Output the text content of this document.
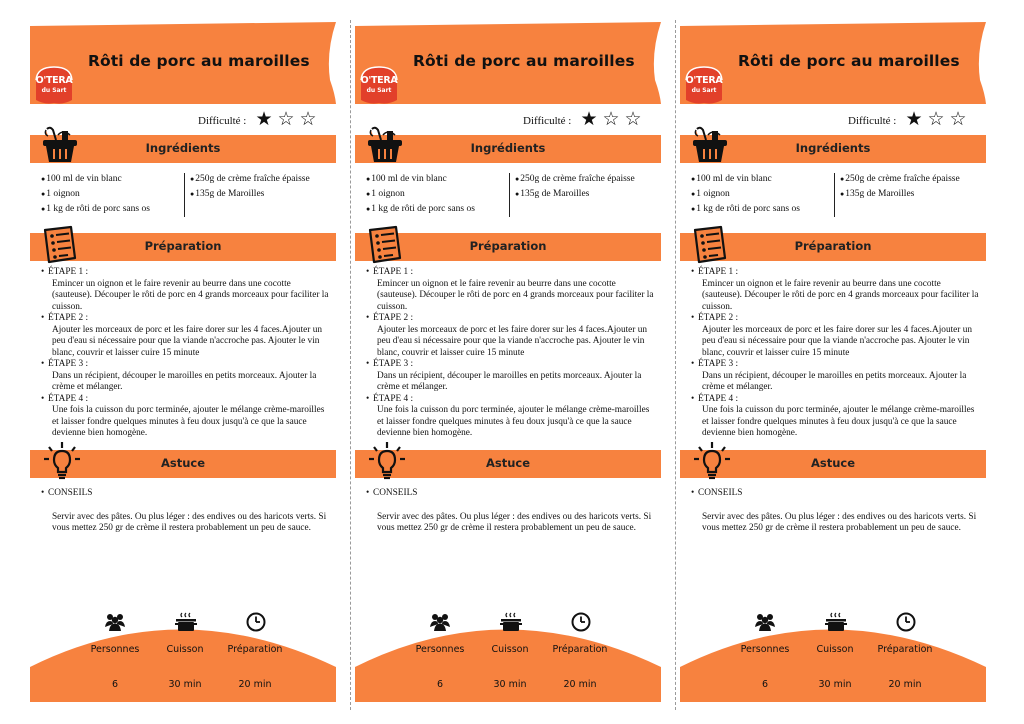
Rôti de porc au maroilles
O'TERA
du Sart
Difficulté : ★ ☆ ☆
Ingrédients
●100 ml de vin blanc
●1 oignon
●1 kg de rôti de porc sans os
●250g de crème fraîche épaisse
●135g de Maroilles
Préparation
• ÉTAPE 1 :
Emincer un oignon et le faire revenir au beurre dans une cocotte (sauteuse). Découper le rôti de porc en 4 grands morceaux pour faciliter la cuisson.
• ÉTAPE 2 :
Ajouter les morceaux de porc et les faire dorer sur les 4 faces.Ajouter un peu d'eau si nécessaire pour que la viande n'accroche pas. Ajouter le vin blanc, couvrir et laisser cuire 15 minute
• ÉTAPE 3 :
Dans un récipient, découper le maroilles en petits morceaux. Ajouter la crème et mélanger.
• ÉTAPE 4 :
Une fois la cuisson du porc terminée, ajouter le mélange crème-maroilles et laisser fondre quelques minutes à feu doux jusqu'à ce que la sauce devienne bien homogène.
Astuce
• CONSEILS
Servir avec des pâtes. Ou plus léger : des endives ou des haricots verts. Si vous mettez 250 gr de crème il restera probablement un peu de sauce.
Personnes	Cuisson	Préparation
6	30 min	20 min
Rôti de porc au maroilles
O'TERA
du Sart
Difficulté : ★ ☆ ☆
Ingrédients
●100 ml de vin blanc
●1 oignon
●1 kg de rôti de porc sans os
●250g de crème fraîche épaisse
●135g de Maroilles
Préparation
• ÉTAPE 1 :
Emincer un oignon et le faire revenir au beurre dans une cocotte (sauteuse). Découper le rôti de porc en 4 grands morceaux pour faciliter la cuisson.
• ÉTAPE 2 :
Ajouter les morceaux de porc et les faire dorer sur les 4 faces.Ajouter un peu d'eau si nécessaire pour que la viande n'accroche pas. Ajouter le vin blanc, couvrir et laisser cuire 15 minute
• ÉTAPE 3 :
Dans un récipient, découper le maroilles en petits morceaux. Ajouter la crème et mélanger.
• ÉTAPE 4 :
Une fois la cuisson du porc terminée, ajouter le mélange crème-maroilles et laisser fondre quelques minutes à feu doux jusqu'à ce que la sauce devienne bien homogène.
Astuce
• CONSEILS
Servir avec des pâtes. Ou plus léger : des endives ou des haricots verts. Si vous mettez 250 gr de crème il restera probablement un peu de sauce.
Personnes	Cuisson	Préparation
6	30 min	20 min
Rôti de porc au maroilles
O'TERA
du Sart
Difficulté : ★ ☆ ☆
Ingrédients
●100 ml de vin blanc
●1 oignon
●1 kg de rôti de porc sans os
●250g de crème fraîche épaisse
●135g de Maroilles
Préparation
• ÉTAPE 1 :
Emincer un oignon et le faire revenir au beurre dans une cocotte (sauteuse). Découper le rôti de porc en 4 grands morceaux pour faciliter la cuisson.
• ÉTAPE 2 :
Ajouter les morceaux de porc et les faire dorer sur les 4 faces.Ajouter un peu d'eau si nécessaire pour que la viande n'accroche pas. Ajouter le vin blanc, couvrir et laisser cuire 15 minute
• ÉTAPE 3 :
Dans un récipient, découper le maroilles en petits morceaux. Ajouter la crème et mélanger.
• ÉTAPE 4 :
Une fois la cuisson du porc terminée, ajouter le mélange crème-maroilles et laisser fondre quelques minutes à feu doux jusqu'à ce que la sauce devienne bien homogène.
Astuce
• CONSEILS
Servir avec des pâtes. Ou plus léger : des endives ou des haricots verts. Si vous mettez 250 gr de crème il restera probablement un peu de sauce.
Personnes	Cuisson	Préparation
6	30 min	20 min
